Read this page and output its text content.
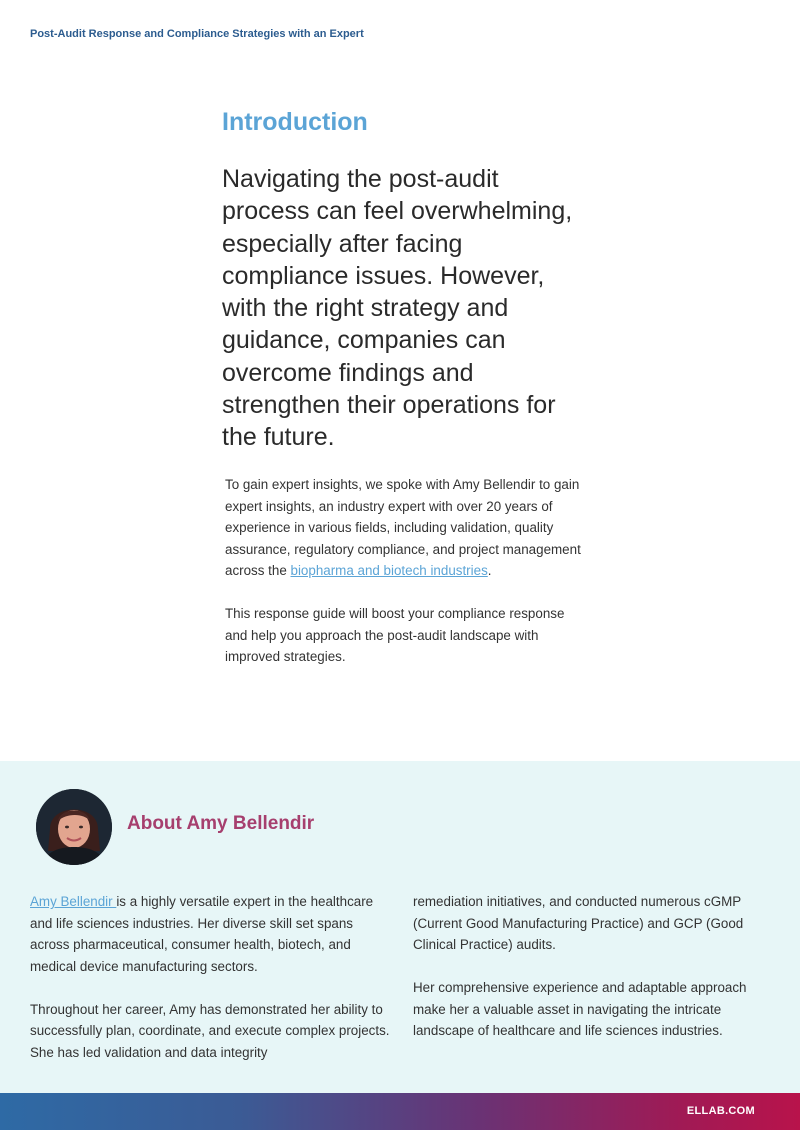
Post-Audit Response and Compliance Strategies with an Expert
Introduction
Navigating the post-audit process can feel overwhelming, especially after facing compliance issues. However, with the right strategy and guidance, companies can overcome findings and strengthen their operations for the future.

To gain expert insights, we spoke with Amy Bellendir to gain expert insights, an industry expert with over 20 years of experience in various fields, including validation, quality assurance, regulatory compliance, and project management across the biopharma and biotech industries.

This response guide will boost your compliance response and help you approach the post-audit landscape with improved strategies.

About Amy Bellendir

Amy Bellendir is a highly versatile expert in the healthcare and life sciences industries. Her diverse skill set spans across pharmaceutical, consumer health, biotech, and medical device manufacturing sectors.

Throughout her career, Amy has demonstrated her ability to successfully plan, coordinate, and execute complex projects. She has led validation and data integrity

remediation initiatives, and conducted numerous cGMP (Current Good Manufacturing Practice) and GCP (Good Clinical Practice) audits.

Her comprehensive experience and adaptable approach make her a valuable asset in navigating the intricate landscape of healthcare and life sciences industries.

ELLAB.COM
